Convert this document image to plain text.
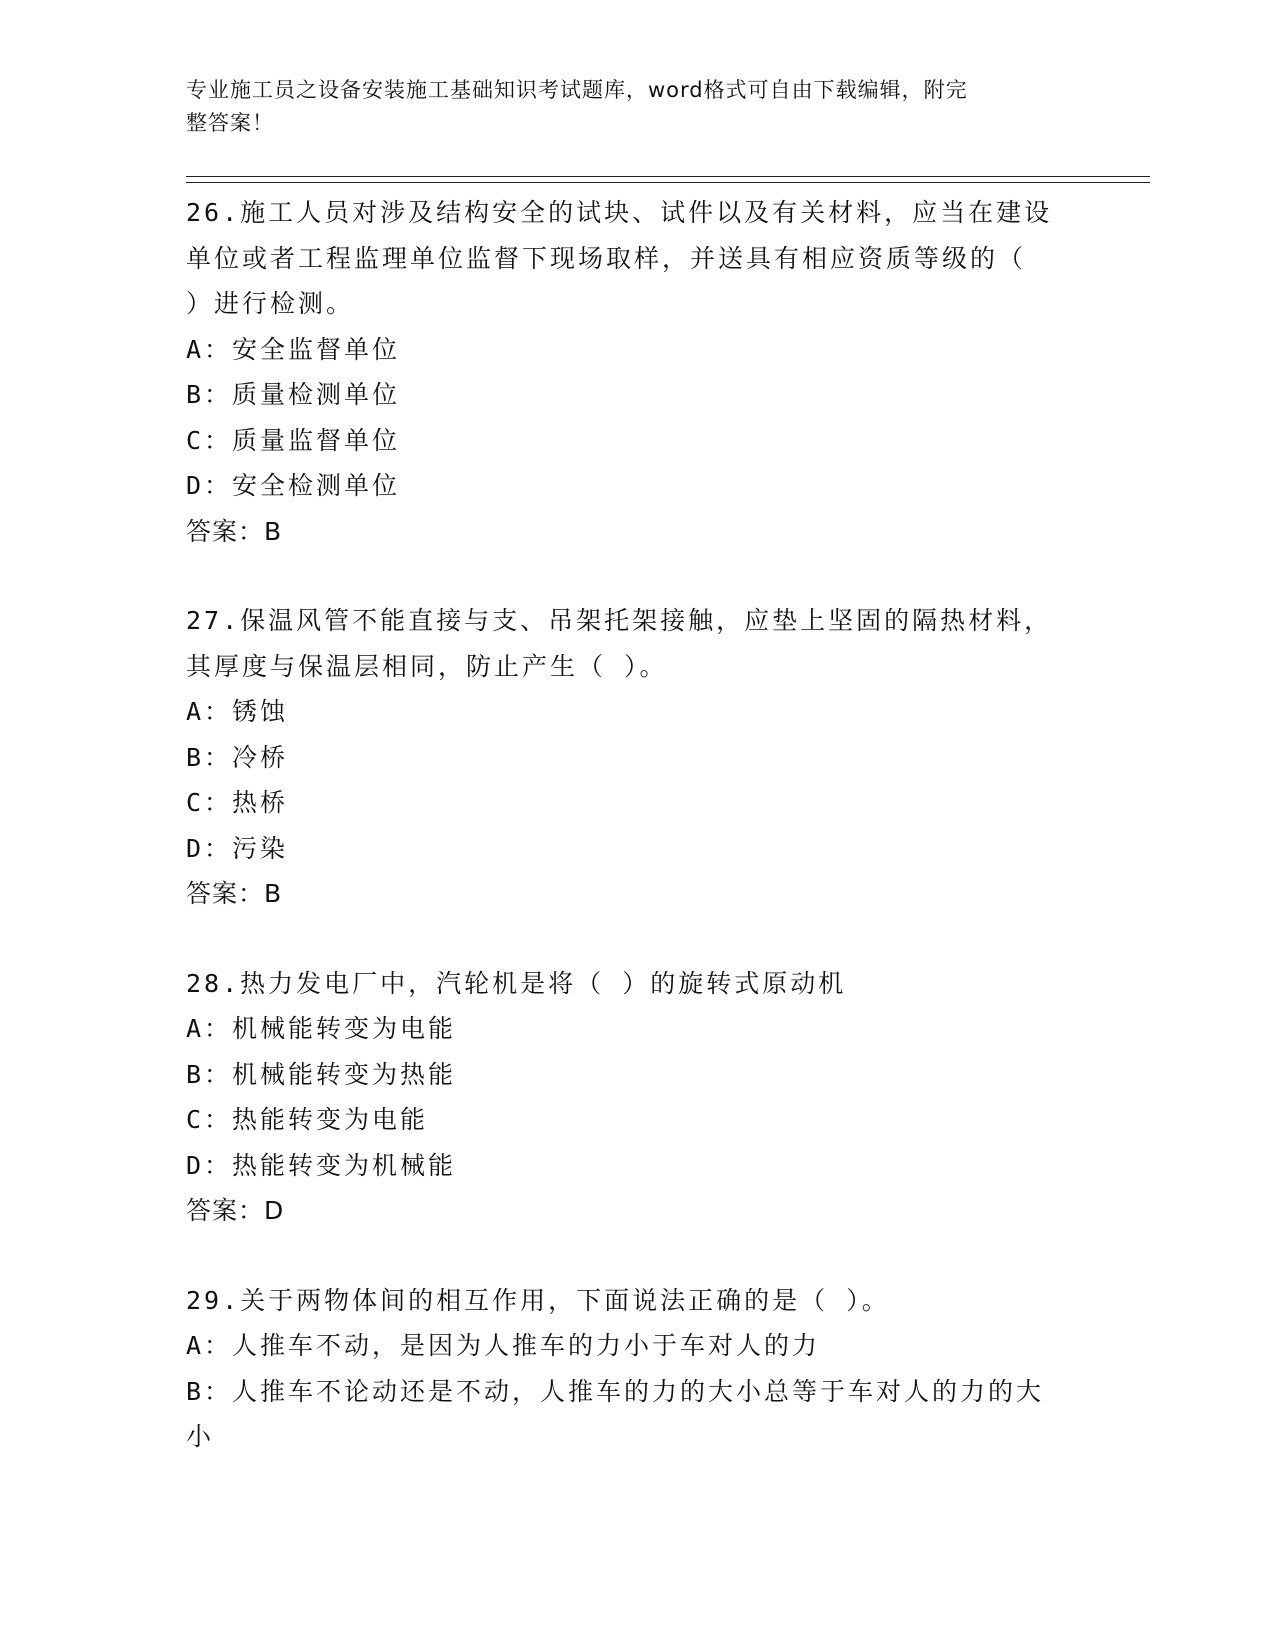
专业施工员之设备安装施工基础知识考试题库，word格式可自由下载编辑，附完
整答案！
26.施工人员对涉及结构安全的试块、试件以及有关材料，应当在建设
单位或者工程监理单位监督下现场取样，并送具有相应资质等级的（
）进行检测。
A：安全监督单位
B：质量检测单位
C：质量监督单位
D：安全检测单位
答案：B
27.保温风管不能直接与支、吊架托架接触，应垫上坚固的隔热材料，
其厚度与保温层相同，防止产生（ ）。
A：锈蚀
B：冷桥
C：热桥
D：污染
答案：B
28.热力发电厂中，汽轮机是将（ ）的旋转式原动机
A：机械能转变为电能
B：机械能转变为热能
C：热能转变为电能
D：热能转变为机械能
答案：D
29.关于两物体间的相互作用，下面说法正确的是（ ）。
A：人推车不动，是因为人推车的力小于车对人的力
B：人推车不论动还是不动，人推车的力的大小总等于车对人的力的大
小
